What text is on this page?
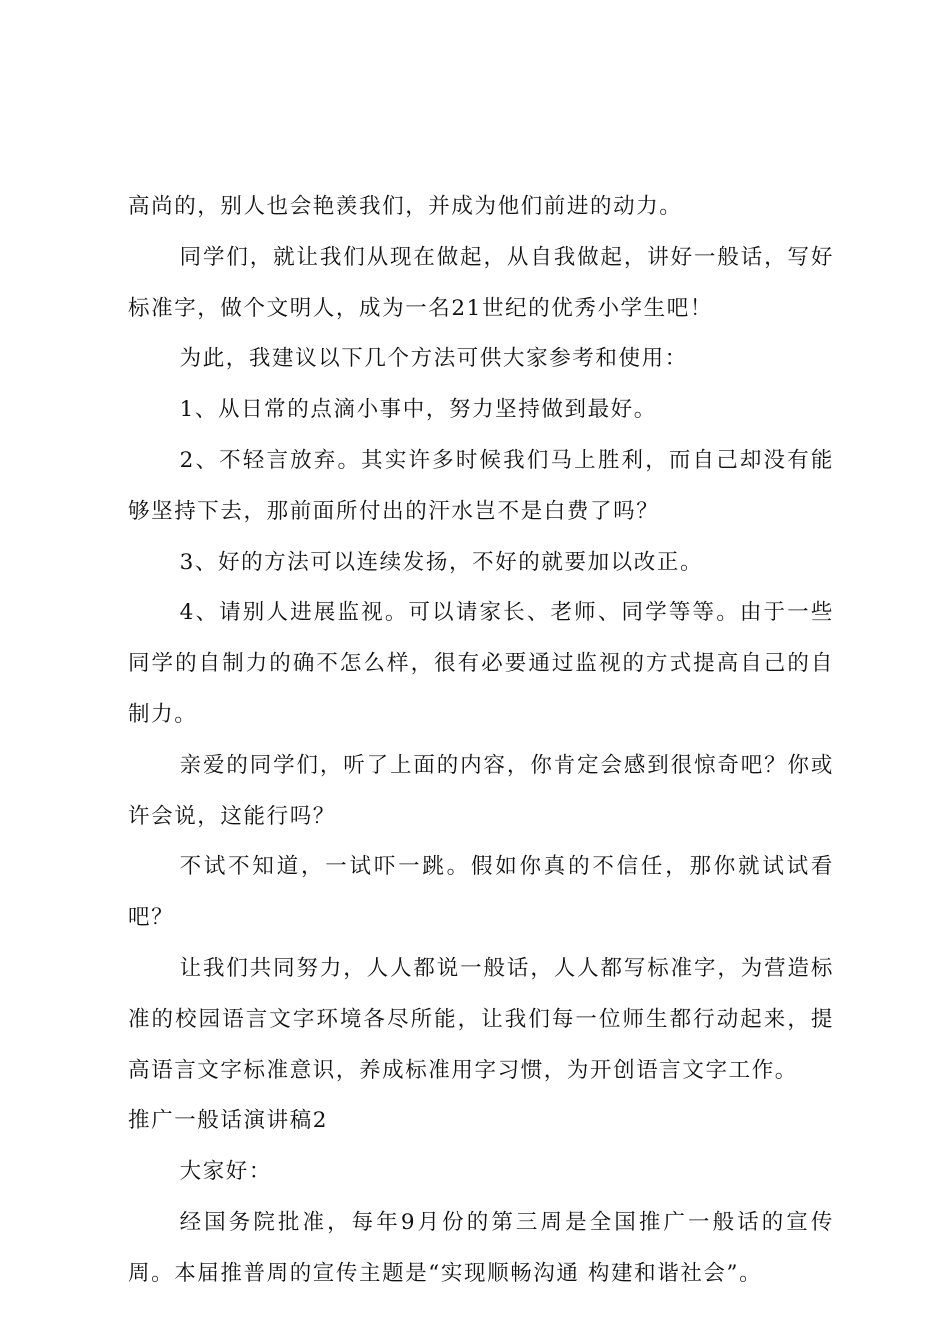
高尚的，别人也会艳羡我们，并成为他们前进的动力。

同学们，就让我们从现在做起，从自我做起，讲好一般话，写好标准字，做个文明人，成为一名21世纪的优秀小学生吧！

为此，我建议以下几个方法可供大家参考和使用：

1、从日常的点滴小事中，努力坚持做到最好。

2、不轻言放弃。其实许多时候我们马上胜利，而自己却没有能够坚持下去，那前面所付出的汗水岂不是白费了吗？

3、好的方法可以连续发扬，不好的就要加以改正。

4、请别人进展监视。可以请家长、老师、同学等等。由于一些同学的自制力的确不怎么样，很有必要通过监视的方式提高自己的自制力。

亲爱的同学们，听了上面的内容，你肯定会感到很惊奇吧？你或许会说，这能行吗？

不试不知道，一试吓一跳。假如你真的不信任，那你就试试看吧？

让我们共同努力，人人都说一般话，人人都写标准字，为营造标准的校园语言文字环境各尽所能，让我们每一位师生都行动起来，提高语言文字标准意识，养成标准用字习惯，为开创语言文字工作。

推广一般话演讲稿2

大家好：

经国务院批准，每年9月份的第三周是全国推广一般话的宣传周。本届推普周的宣传主题是“实现顺畅沟通 构建和谐社会”。
